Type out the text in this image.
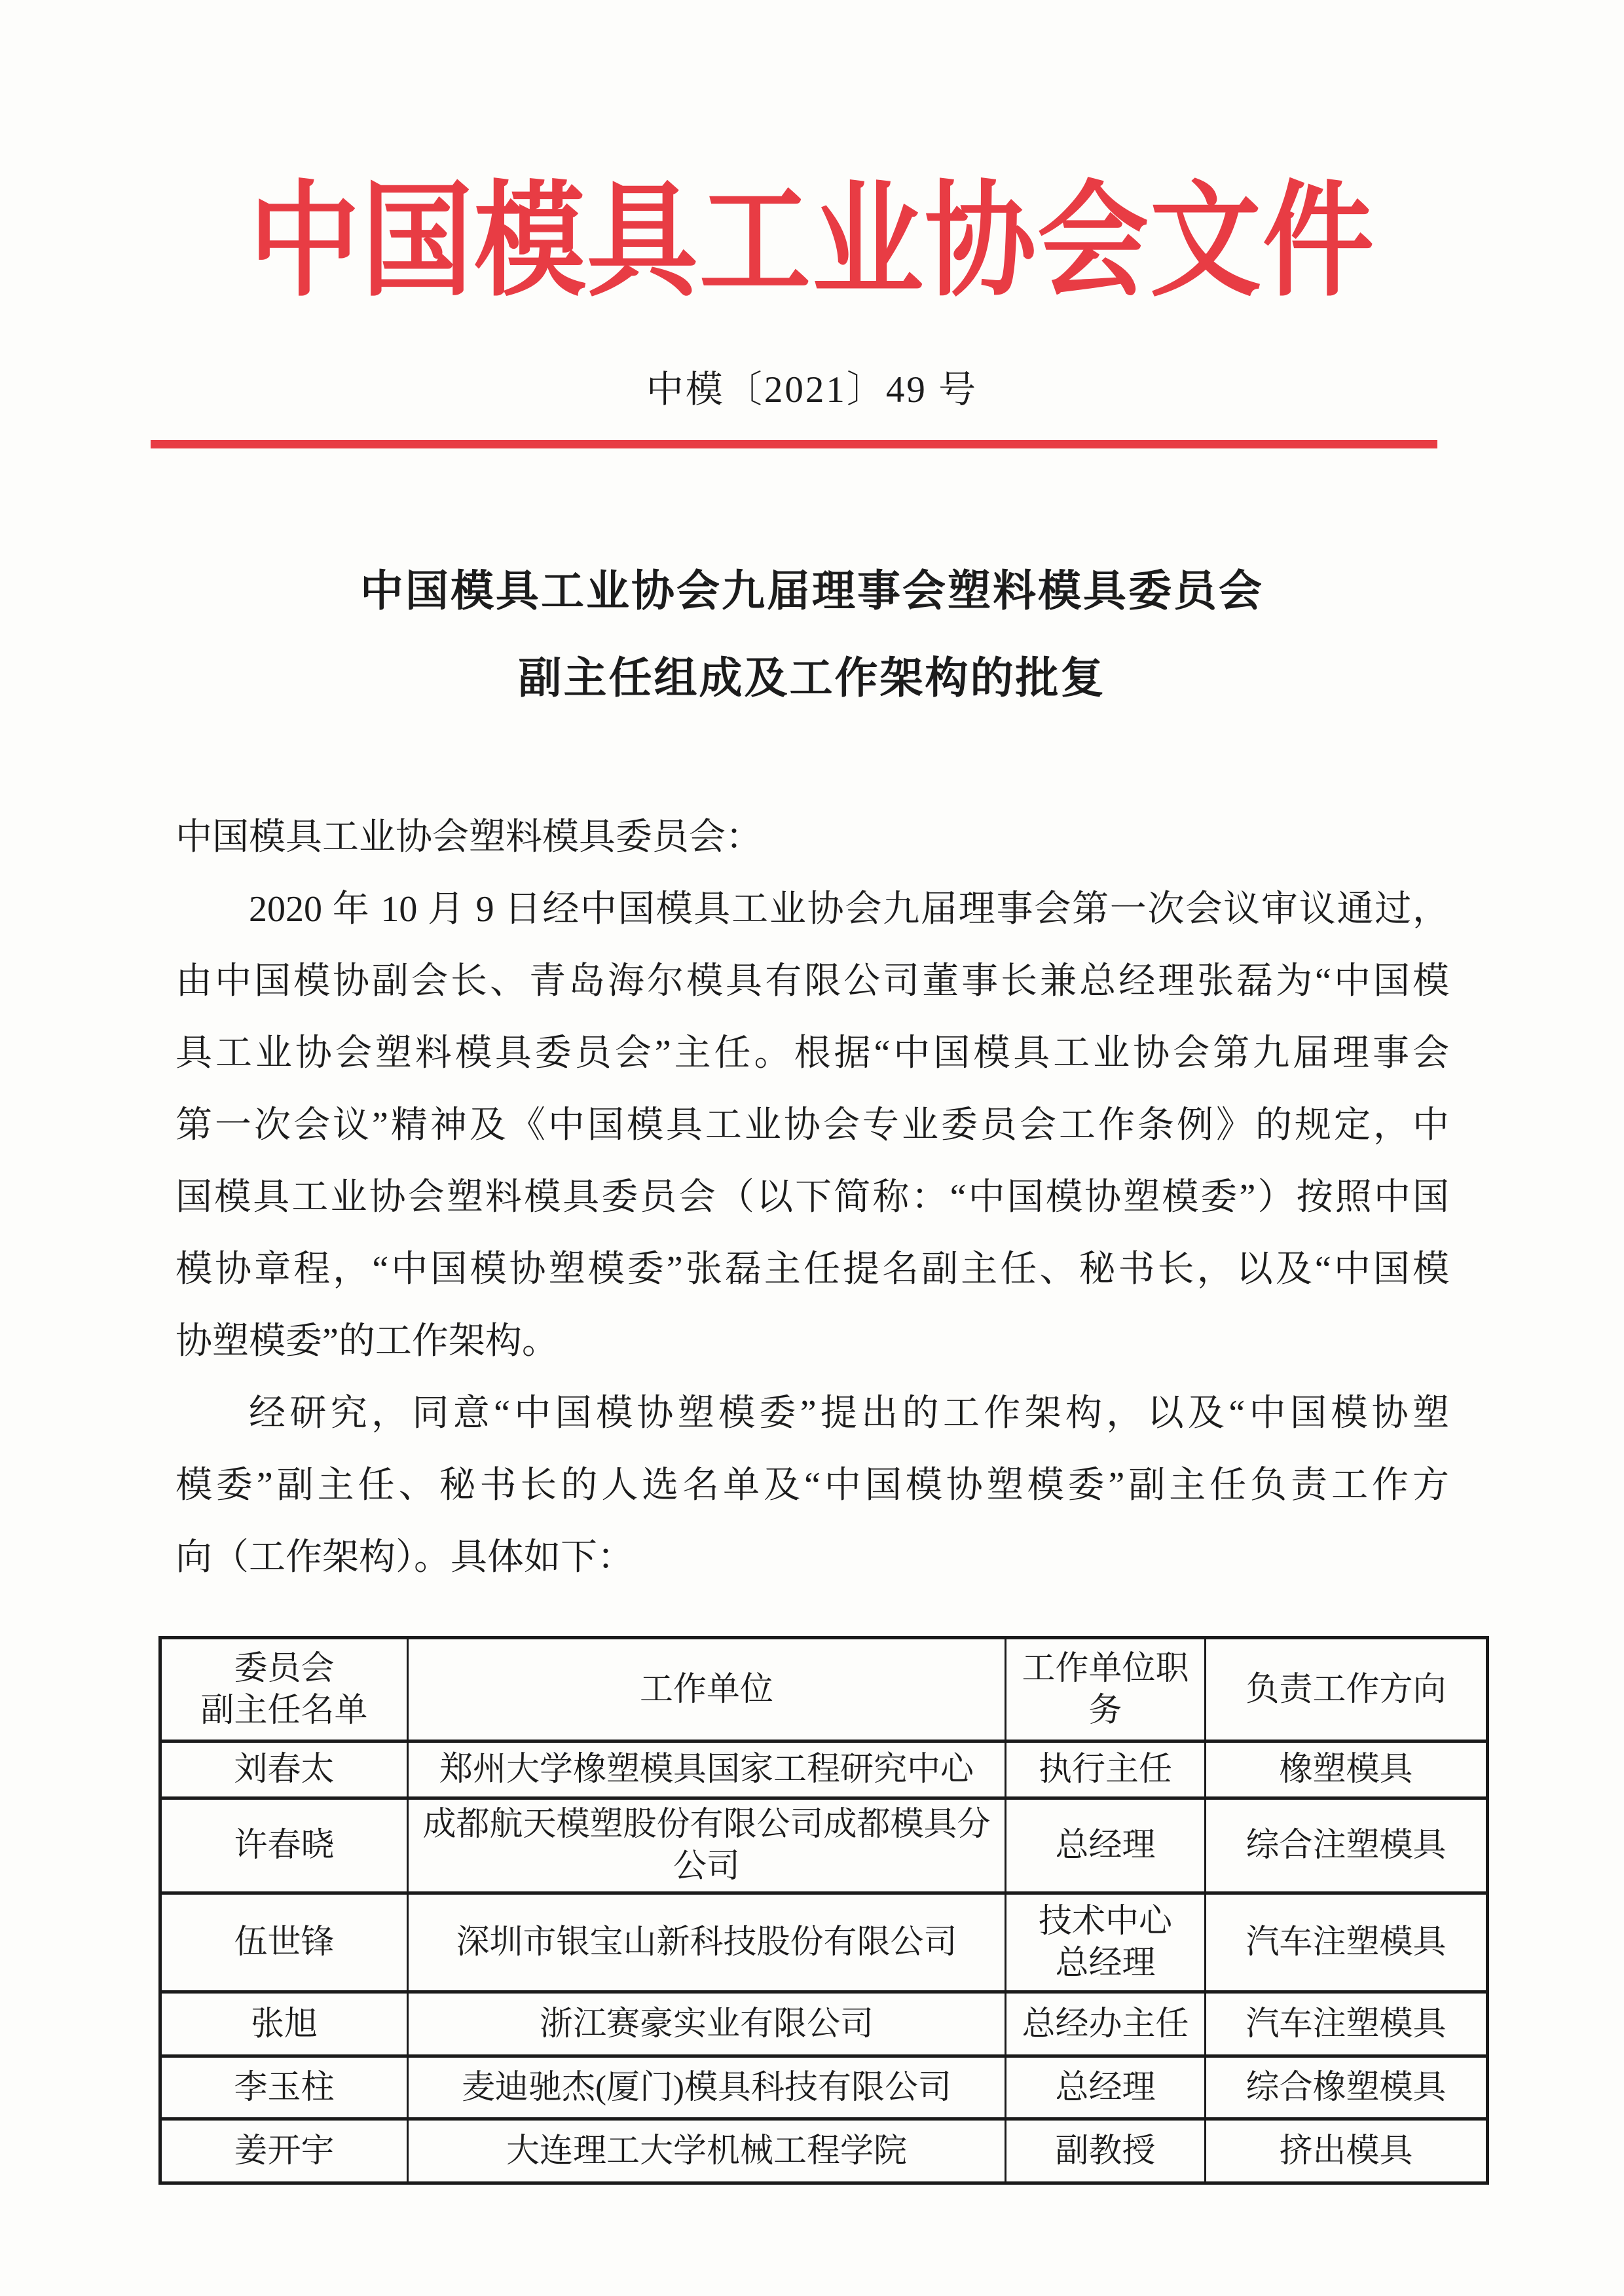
中国模具工业协会文件
中模〔2021〕49 号
中国模具工业协会九届理事会塑料模具委员会
副主任组成及工作架构的批复
中国模具工业协会塑料模具委员会：
2020 年 10 月 9 日经中国模具工业协会九届理事会第一次会议审议通过，
由中国模协副会长、青岛海尔模具有限公司董事长兼总经理张磊为“中国模
具工业协会塑料模具委员会”主任。根据“中国模具工业协会第九届理事会
第一次会议”精神及《中国模具工业协会专业委员会工作条例》的规定，中
国模具工业协会塑料模具委员会（以下简称：“中国模协塑模委”）按照中国
模协章程，“中国模协塑模委”张磊主任提名副主任、秘书长，以及“中国模
协塑模委”的工作架构。
经研究，同意“中国模协塑模委”提出的工作架构，以及“中国模协塑
模委”副主任、秘书长的人选名单及“中国模协塑模委”副主任负责工作方
向（工作架构）。具体如下：
委员会
副主任名单	工作单位	工作单位职务	负责工作方向
刘春太	郑州大学橡塑模具国家工程研究中心	执行主任	橡塑模具
许春晓	成都航天模塑股份有限公司成都模具分公司	总经理	综合注塑模具
伍世锋	深圳市银宝山新科技股份有限公司	技术中心
总经理	汽车注塑模具
张旭	浙江赛豪实业有限公司	总经办主任	汽车注塑模具
李玉柱	麦迪驰杰(厦门)模具科技有限公司	总经理	综合橡塑模具
姜开宇	大连理工大学机械工程学院	副教授	挤出模具
